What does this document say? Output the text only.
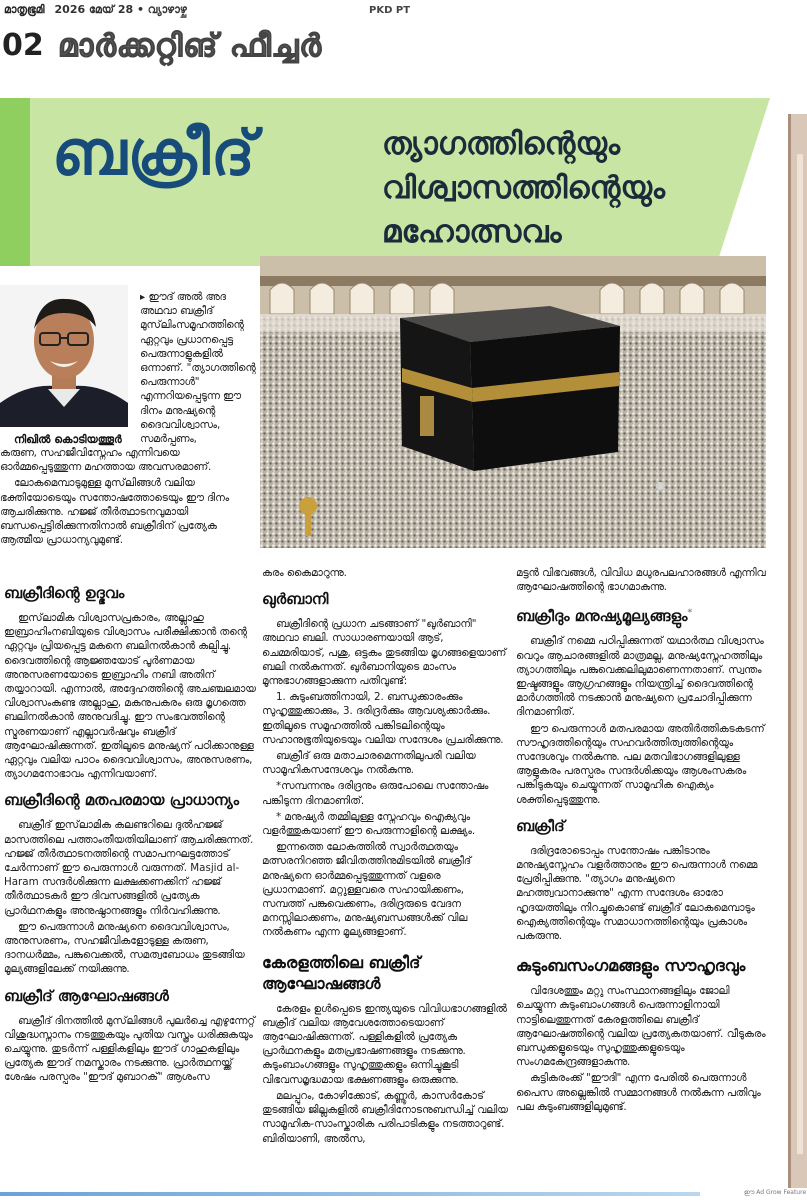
മാതൃഭൂമി 2026 മേയ് 28 • വ്യാഴാഴ്ച	PKD PT
02 മാർക്കറ്റിങ് ഫീച്ചർ
ബക്രീദ്	ത്യാഗത്തിന്റെയും
വിശ്വാസത്തിന്റെയും
മഹോത്സവം
നിഖിൽ കൊടിയത്തൂർ

▸ ഈദ് അൽ അദ അഥവാ ബക്രീദ് മുസ്‌ലിംസമൂഹത്തിന്റെ ഏറ്റവും പ്രധാനപ്പെട്ട പെരുന്നാളുകളിൽ ഒന്നാണ്. "ത്യാഗത്തിന്റെ പെരുന്നാൾ" എന്നറിയപ്പെടുന്ന ഈ ദിനം മനുഷ്യന്റെ ദൈവവിശ്വാസം, സമർപ്പണം,

കരുണ, സഹജീവിസ്നേഹം എന്നിവയെ ഓർമ്മപ്പെടുത്തുന്ന മഹത്തായ അവസരമാണ്.

ലോകമെമ്പാടുമുള്ള മുസ്‌ലിങ്ങൾ വലിയ ഭക്തിയോടെയും സന്തോഷത്തോടെയും ഈ ദിനം ആചരിക്കുന്നു. ഹജ്ജ് തീർത്ഥാടനവുമായി ബന്ധപ്പെട്ടിരിക്കുന്നതിനാൽ ബക്രീദിന് പ്രത്യേക ആത്മീയ പ്രാധാന്യവുമുണ്ട്.

ബക്രീദിന്റെ ഉദ്ഭവം

ഇസ്‌ലാമിക വിശ്വാസപ്രകാരം, അല്ലാഹു ഇബ്രാഹിംനബിയുടെ വിശ്വാസം പരീക്ഷിക്കാൻ തന്റെ ഏറ്റവും പ്രിയപ്പെട്ട മകനെ ബലിനൽകാൻ കല്പിച്ചു. ദൈവത്തിന്റെ ആജ്ഞയോട് പൂർണമായ അനുസരണയോടെ ഇബ്രാഹിം നബി അതിന് തയ്യാറായി. എന്നാൽ, അദ്ദേഹത്തിന്റെ അചഞ്ചലമായ വിശ്വാസംകണ്ട അല്ലാഹു, മകനുപകരം ഒരു മൃഗത്തെ ബലിനൽകാൻ അനുവദിച്ചു. ഈ സംഭവത്തിന്റെ സ്മരണയാണ് എല്ലാവർഷവും ബക്രീദ് ആഘോഷിക്കുന്നത്. ഇതിലൂടെ മനുഷ്യന് പഠിക്കാനുള്ള ഏറ്റവും വലിയ പാഠം ദൈവവിശ്വാസം, അനുസരണം, ത്യാഗമനോഭാവം എന്നിവയാണ്.

ബക്രീദിന്റെ മതപരമായ പ്രാധാന്യം

ബക്രീദ് ഇസ്‌ലാമിക കലണ്ടറിലെ ദുൽഹജ്ജ് മാസത്തിലെ പത്താംതീയതിയിലാണ് ആചരിക്കുന്നത്. ഹജ്ജ് തീർത്ഥാടനത്തിന്റെ സമാപനഘട്ടത്തോട് ചേർന്നാണ് ഈ പെരുന്നാൾ വരുന്നത്. Masjid al-Haram സന്ദർശിക്കുന്ന ലക്ഷക്കണക്കിന് ഹജ്ജ് തീർത്ഥാടകർ ഈ ദിവസങ്ങളിൽ പ്രത്യേക പ്രാർഥനകളും അനുഷ്ഠാനങ്ങളും നിർവഹിക്കുന്നു.

ഈ പെരുന്നാൾ മനുഷ്യനെ ദൈവവിശ്വാസം, അനുസരണം, സഹജീവികളോടുള്ള കരുണ, ദാനധർമ്മം, പങ്കുവെക്കൽ, സമത്വബോധം തുടങ്ങിയ മൂല്യങ്ങളിലേക്ക് നയിക്കുന്നു.

ബക്രീദ് ആഘോഷങ്ങൾ

ബക്രീദ് ദിനത്തിൽ മുസ്‌ലിങ്ങൾ പുലർച്ചെ എഴുന്നേറ്റ് വിശുദ്ധസ്നാനം നടത്തുകയും പുതിയ വസ്ത്രം ധരിക്കുകയും ചെയ്യുന്നു. തുടർന്ന് പള്ളികളിലും ഈദ് ഗാഹുകളിലും പ്രത്യേക ഈദ് നമസ്കാരം നടക്കുന്നു. പ്രാർത്ഥനയ്ക്ക് ശേഷം പരസ്പരം "ഈദ് മുബാറക്" ആശംസ

കരം കൈമാറുന്നു.

ഖുർബാനി

ബക്രീദിന്റെ പ്രധാന ചടങ്ങാണ് "ഖുർബാനി" അഥവാ ബലി. സാധാരണയായി ആട്, ചെമ്മരിയാട്, പശു, ഒട്ടകം തുടങ്ങിയ മൃഗങ്ങളെയാണ് ബലി നൽകുന്നത്. ഖുർബാനിയുടെ മാംസം മൂന്നുഭാഗങ്ങളാക്കുന്ന പതിവുണ്ട്:

1. കുടുംബത്തിനായി, 2. ബന്ധുക്കാരംക്കും സുഹൃത്തുക്കാക്കും, 3. ദരിദ്രർക്കും ആവശ്യക്കാർക്കും. ഇതിലൂടെ സമൂഹത്തിൽ പങ്കിടലിന്റെയും സഹാനുഭൂതിയുടെയും വലിയ സന്ദേശം പ്രചരിക്കുന്നു.

ബക്രീദ് ഒരു മതാചാരമെന്നതിലുപരി വലിയ സാമൂഹികസന്ദേശവും നൽകുന്നു.

*സമ്പന്നനും ദരിദ്രനും ഒരുപോലെ സന്തോഷം പങ്കിടുന്ന ദിനമാണിത്.

* മനുഷ്യർ തമ്മിലുള്ള സ്നേഹവും ഐക്യവും വളർത്തുകയാണ് ഈ പെരുന്നാളിന്റെ ലക്ഷ്യം.

ഇന്നത്തെ ലോകത്തിൽ സ്വാർത്ഥതയും മത്സരനിറഞ്ഞ ജീവിതത്തിനുമിടയിൽ ബക്രീദ് മനുഷ്യനെ ഓർമ്മപ്പെടുത്തുന്നത് വളരെ പ്രധാനമാണ്. മറ്റുള്ളവരെ സഹായിക്കണം, സമ്പത്ത് പങ്കുവെക്കണം, ദരിദ്രരുടെ വേദന മനസ്സിലാക്കണം, മനുഷ്യബന്ധങ്ങൾക്ക് വില നൽകണം എന്ന മൂല്യങ്ങളാണ്.

കേരളത്തിലെ ബക്രീദ് ആഘോഷങ്ങൾ

കേരളം ഉൾപ്പെടെ ഇന്ത്യയുടെ വിവിധഭാഗങ്ങളിൽ ബക്രീദ് വലിയ ആവേശത്തോടെയാണ് ആഘോഷിക്കുന്നത്. പള്ളികളിൽ പ്രത്യേക പ്രാർഥനകളും മതപ്രഭാഷണങ്ങളും നടക്കുന്നു. കുടുംബാംഗങ്ങളും സുഹൃത്തുക്കളും ഒന്നിച്ചുകൂടി വിഭവസമൃദ്ധമായ ഭക്ഷണങ്ങളും ഒരുക്കുന്നു.

മലപ്പുറം, കോഴിക്കോട്, കണ്ണൂർ, കാസർകോട് തുടങ്ങിയ ജില്ലകളിൽ ബക്രീദിനോടനുബന്ധിച്ച് വലിയ സാമൂഹിക-സാംസ്കാരിക പരിപാടികളും നടത്താറുണ്ട്. ബിരിയാണി, അൽസ,

മട്ടൻ വിഭവങ്ങൾ, വിവിധ മധുരപലഹാരങ്ങൾ എന്നിവ ആഘോഷത്തിന്റെ ഭാഗമാകുന്നു.

ബക്രീദും മനുഷ്യമൂല്യങ്ങളും*

ബക്രീദ് നമ്മെ പഠിപ്പിക്കുന്നത് യഥാർത്ഥ വിശ്വാസം വെറും ആചാരങ്ങളിൽ മാത്രമല്ല, മനുഷ്യസ്നേഹത്തിലും ത്യാഗത്തിലും പങ്കുവെക്കലിലുമാണെന്നതാണ്. സ്വന്തം ഇഷ്ടങ്ങളും ആഗ്രഹങ്ങളും നിയന്ത്രിച്ച് ദൈവത്തിന്റെ മാർഗത്തിൽ നടക്കാൻ മനുഷ്യനെ പ്രചോദിപ്പിക്കുന്ന ദിനമാണിത്.

ഈ പെരുന്നാൾ മതപരമായ അതിർത്തികടകടന്ന് സൗഹൃദത്തിന്റെയും സഹവർത്തിത്വത്തിന്റെയും സന്ദേശവും നൽകുന്നു. പല മതവിഭാഗങ്ങളിലുള്ള ആളുകരം പരസ്പരം സന്ദർശിക്കയും ആശംസകരം പങ്കിടുകയും ചെയ്യുന്നത് സാമൂഹിക ഐക്യം ശക്തിപ്പെടുത്തുന്നു.

ബക്രീദ്

ദരിദ്രരോടൊപ്പം സന്തോഷം പങ്കിടാനും മനുഷ്യസ്നേഹം വളർത്താനും ഈ പെരുന്നാൾ നമ്മെ പ്രേരിപ്പിക്കുന്നു. "ത്യാഗം മനുഷ്യനെ മഹത്ത്വവാനാക്കുന്നു" എന്ന സന്ദേശം ഓരോ ഹൃദയത്തിലും നിറച്ചുകൊണ്ട് ബക്രീദ് ലോകമെമ്പാടും ഐക്യത്തിന്റെയും സമാധാനത്തിന്റെയും പ്രകാശം പകരുന്നു.

കുടുംബസംഗമങ്ങളും സൗഹൃദവും

വിദേശത്തും മറ്റു സംസ്ഥാനങ്ങളിലും ജോലി ചെയ്യുന്ന കുടുംബാംഗങ്ങൾ പെരുന്നാളിനായി നാട്ടിലെത്തുന്നത് കേരളത്തിലെ ബക്രീദ് ആഘോഷത്തിന്റെ വലിയ പ്രത്യേകതയാണ്. വീടുകരം ബന്ധുക്കളുടെയും സുഹൃത്തുക്കളുടെയും സംഗമകേന്ദ്രങ്ങളാകുന്നു.

കുട്ടികരംക്ക് "ഈദി" എന്ന പേരിൽ പെരുന്നാൾ പൈസ അല്ലെങ്കിൽ സമ്മാനങ്ങൾ നൽകുന്ന പതിവും പല കുടുംബങ്ങളിലുമുണ്ട്.

ഈ Ad Grow Feature
